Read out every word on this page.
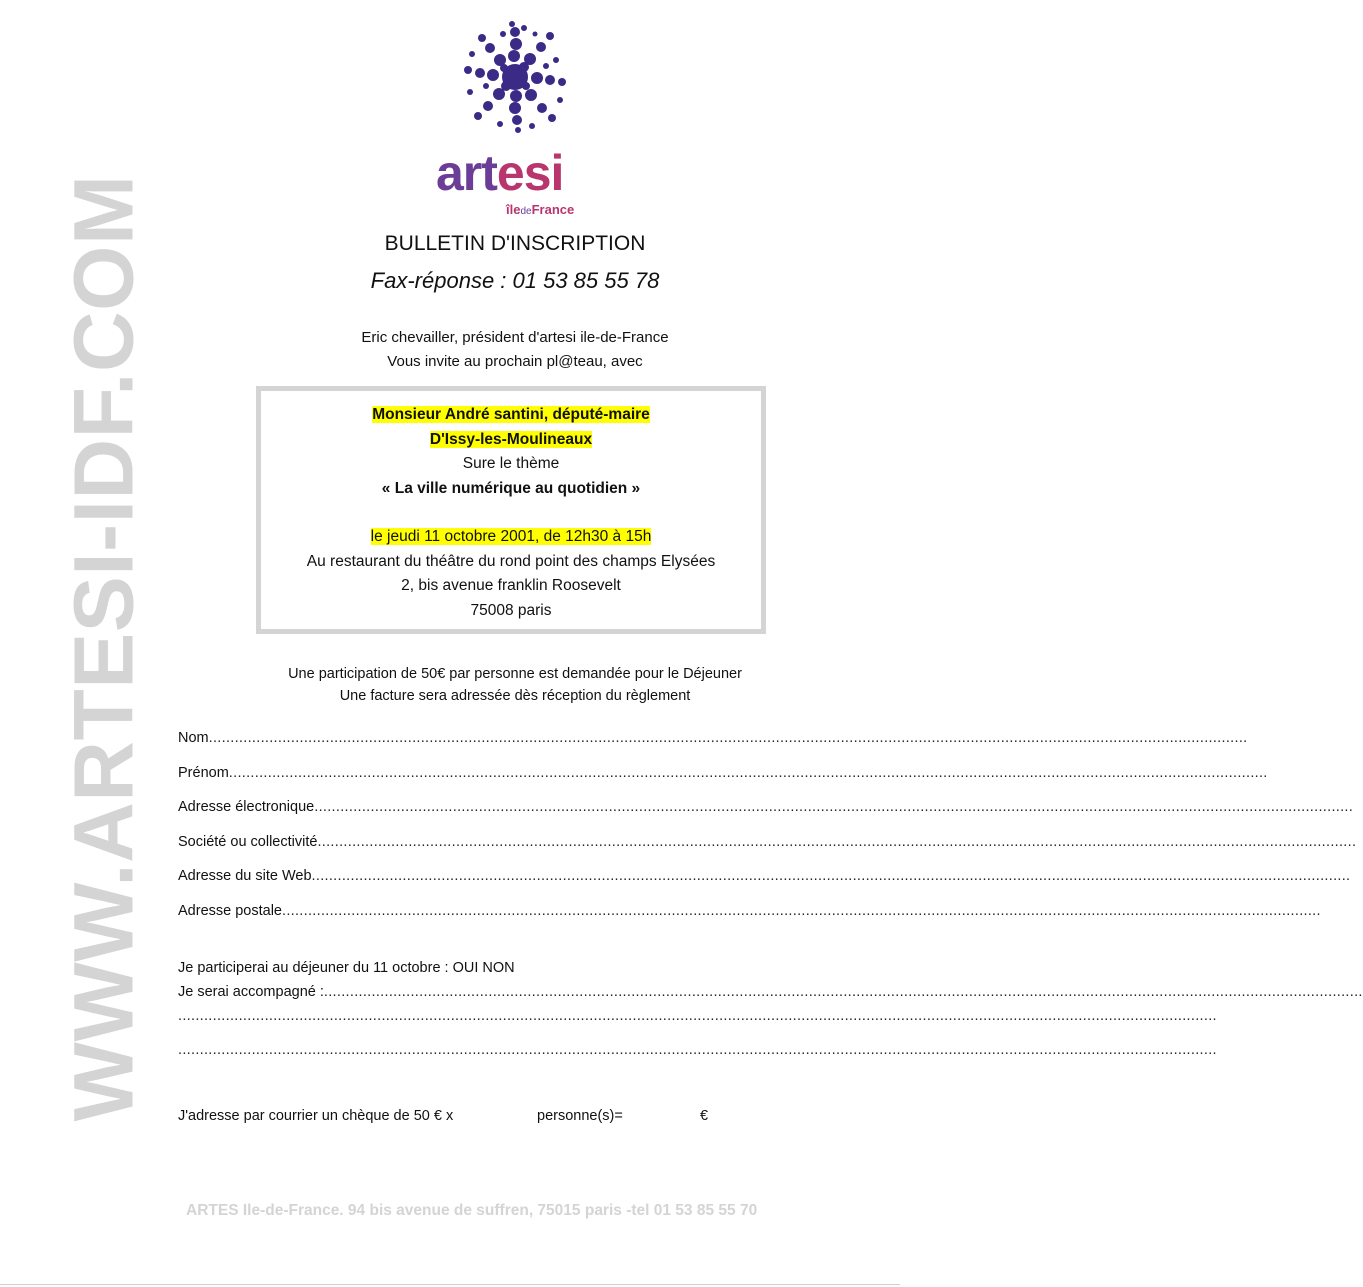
WWW.ARTESI-IDF.COM
artesi
îledeFrance
BULLETIN D'INSCRIPTION
Fax-réponse : 01 53 85 55 78
Eric chevailler, président d'artesi ile-de-France
Vous invite au prochain pl@teau, avec
Monsieur André santini, député-maire
D'Issy-les-Moulineaux
Sure le thème
« La ville numérique au quotidien »
le jeudi 11 octobre 2001, de 12h30 à 15h
Au restaurant du théâtre du rond point des champs Elysées
2, bis avenue franklin Roosevelt
75008 paris
Une participation de 50€ par personne est demandée pour le Déjeuner
Une facture sera adressée dès réception du règlement
Nom
.....
Prénom
.....
Adresse électronique
.....
Société ou collectivité
.....
Adresse du site Web
.....
Adresse postale
.....
Je participerai au déjeuner du 11 octobre : OUI NON
Je serai accompagné :
.....
.....
.....
J'adresse par courrier un chèque de 50 € x	personne(s)=	€
ARTES Ile-de-France. 94 bis avenue de suffren, 75015 paris -tel 01 53 85 55 70
